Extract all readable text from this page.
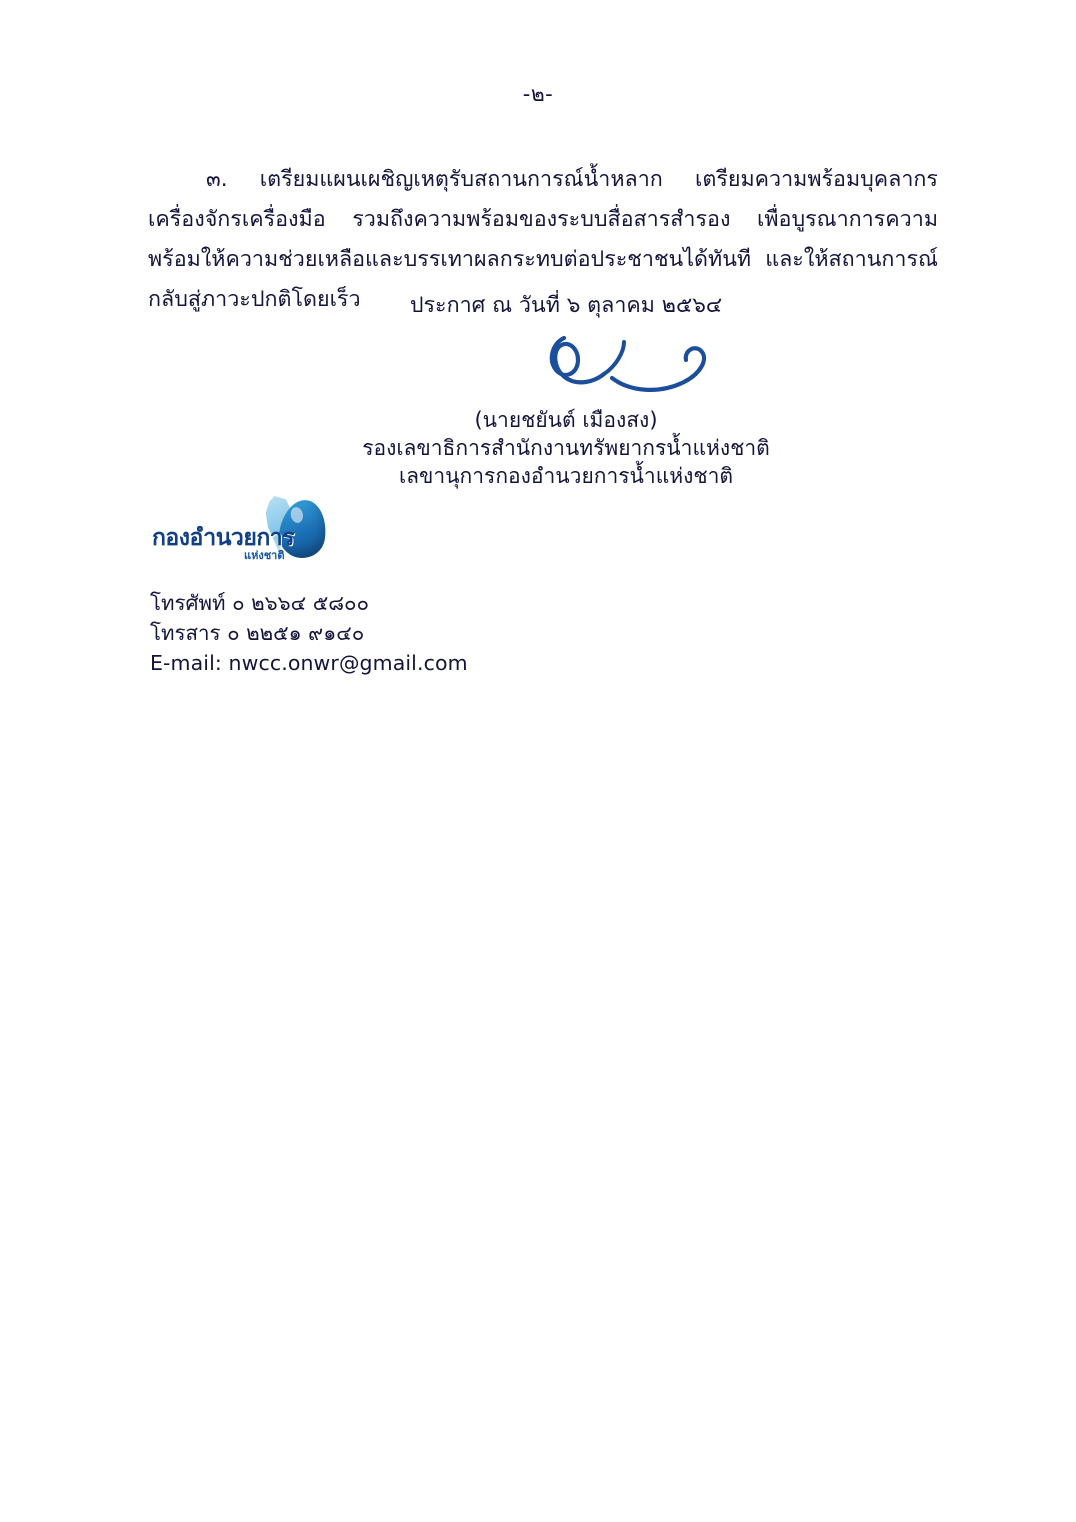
-๒-

๓. เตรียมแผนเผชิญเหตุรับสถานการณ์น้ำหลาก เตรียมความพร้อมบุคลากร เครื่องจักรเครื่องมือ รวมถึงความพร้อมของระบบสื่อสารสำรอง เพื่อบูรณาการความพร้อมให้ความช่วยเหลือและบรรเทาผลกระทบต่อประชาชนได้ทันที และให้สถานการณ์กลับสู่ภาวะปกติโดยเร็ว	ประกาศ ณ วันที่ ๖ ตุลาคม ๒๕๖๔
(นายชยันต์ เมืองสง)
รองเลขาธิการสำนักงานทรัพยากรน้ำแห่งชาติ
เลขานุการกองอำนวยการน้ำแห่งชาติ
กองอำนวยการ
แห่งชาติ
โทรศัพท์ ๐ ๒๖๖๔ ๕๘๐๐
โทรสาร ๐ ๒๒๕๑ ๙๑๔๐
E-mail: nwcc.onwr@gmail.com
